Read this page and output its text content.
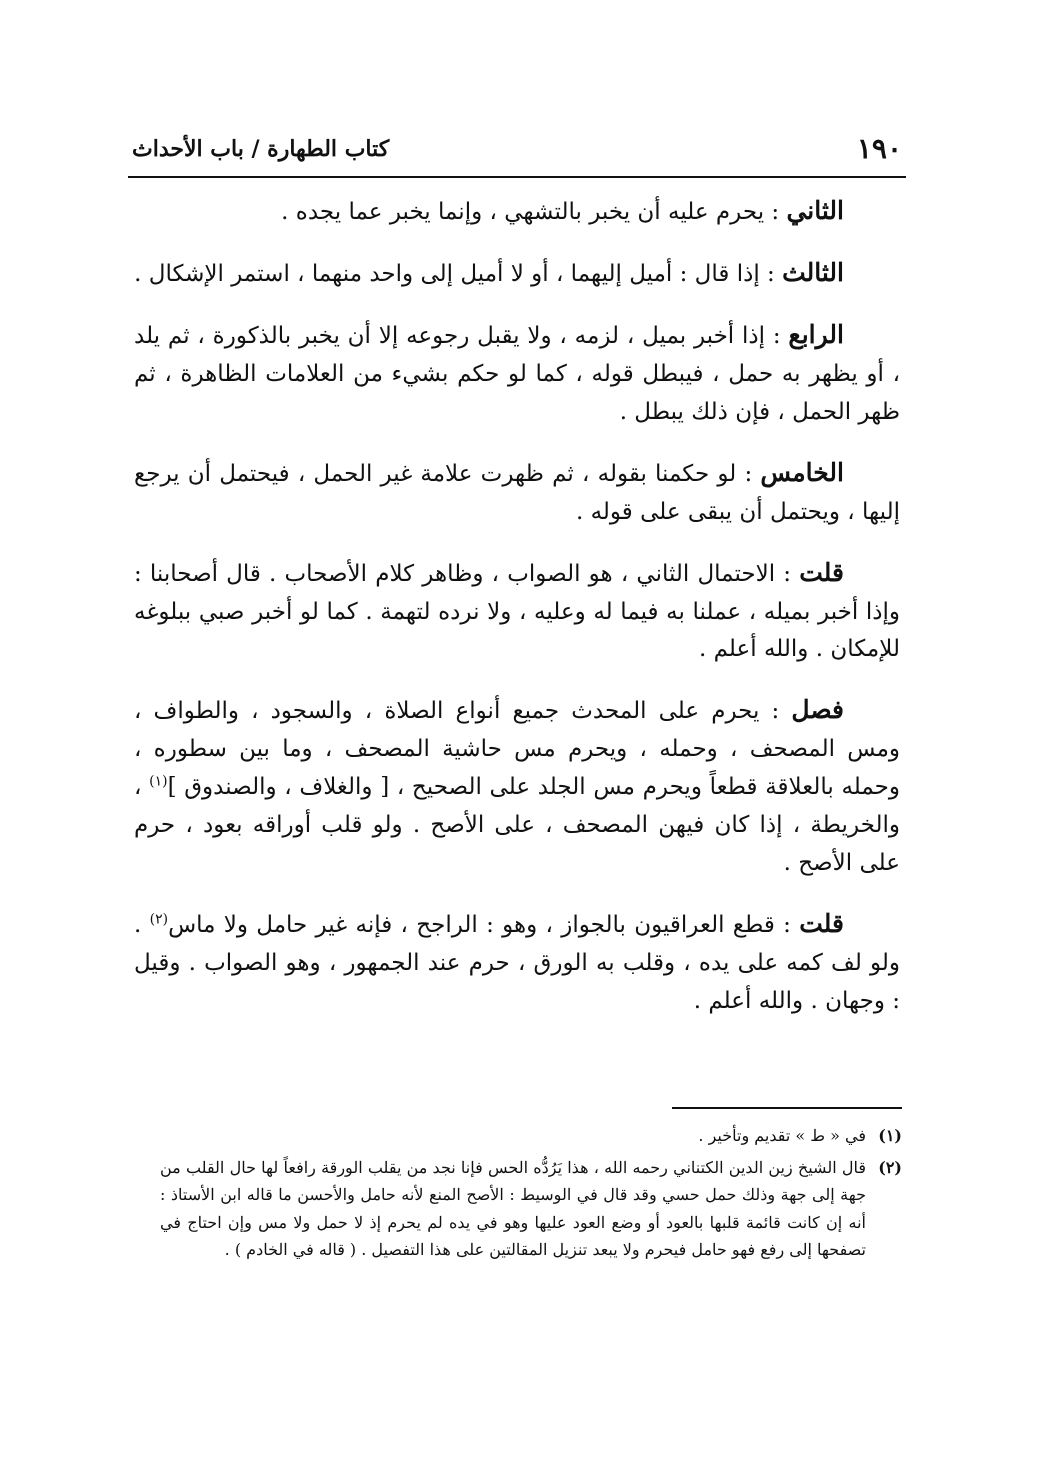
١٩٠
كتاب الطهارة / باب الأحداث

الثاني : يحرم عليه أن يخبر بالتشهي ، وإنما يخبر عما يجده .

الثالث : إذا قال : أميل إليهما ، أو لا أميل إلى واحد منهما ، استمر الإشكال .

الرابع : إذا أخبر بميل ، لزمه ، ولا يقبل رجوعه إلا أن يخبر بالذكورة ، ثم يلد ، أو يظهر به حمل ، فيبطل قوله ، كما لو حكم بشيء من العلامات الظاهرة ، ثم ظهر الحمل ، فإن ذلك يبطل .

الخامس : لو حكمنا بقوله ، ثم ظهرت علامة غير الحمل ، فيحتمل أن يرجع إليها ، ويحتمل أن يبقى على قوله .

قلت : الاحتمال الثاني ، هو الصواب ، وظاهر كلام الأصحاب . قال أصحابنا : وإذا أخبر بميله ، عملنا به فيما له وعليه ، ولا نرده لتهمة . كما لو أخبر صبي ببلوغه للإمكان . والله أعلم .

فصل : يحرم على المحدث جميع أنواع الصلاة ، والسجود ، والطواف ، ومس المصحف ، وحمله ، ويحرم مس حاشية المصحف ، وما بين سطوره ، وحمله بالعلاقة قطعاً ويحرم مس الجلد على الصحيح ، [ والغلاف ، والصندوق ]$^{(١)}$ ، والخريطة ، إذا كان فيهن المصحف ، على الأصح . ولو قلب أوراقه بعود ، حرم على الأصح .

قلت : قطع العراقيون بالجواز ، وهو : الراجح ، فإنه غير حامل ولا ماس$^{(٢)}$ . ولو لف كمه على يده ، وقلب به الورق ، حرم عند الجمهور ، وهو الصواب . وقيل : وجهان . والله أعلم .

(١)
في « ط » تقديم وتأخير .
(٢)
قال الشيخ زين الدين الكتناني رحمه الله ، هذا يَرُدُّه الحس فإنا نجد من يقلب الورقة رافعاً لها حال القلب من جهة إلى جهة وذلك حمل حسي وقد قال في الوسيط : الأصح المنع لأنه حامل والأحسن ما قاله ابن الأستاذ : أنه إن كانت قائمة قلبها بالعود أو وضع العود عليها وهو في يده لم يحرم إذ لا حمل ولا مس وإن احتاج في تصفحها إلى رفع فهو حامل فيحرم ولا يبعد تنزيل المقالتين على هذا التفصيل . ( قاله في الخادم ) .
